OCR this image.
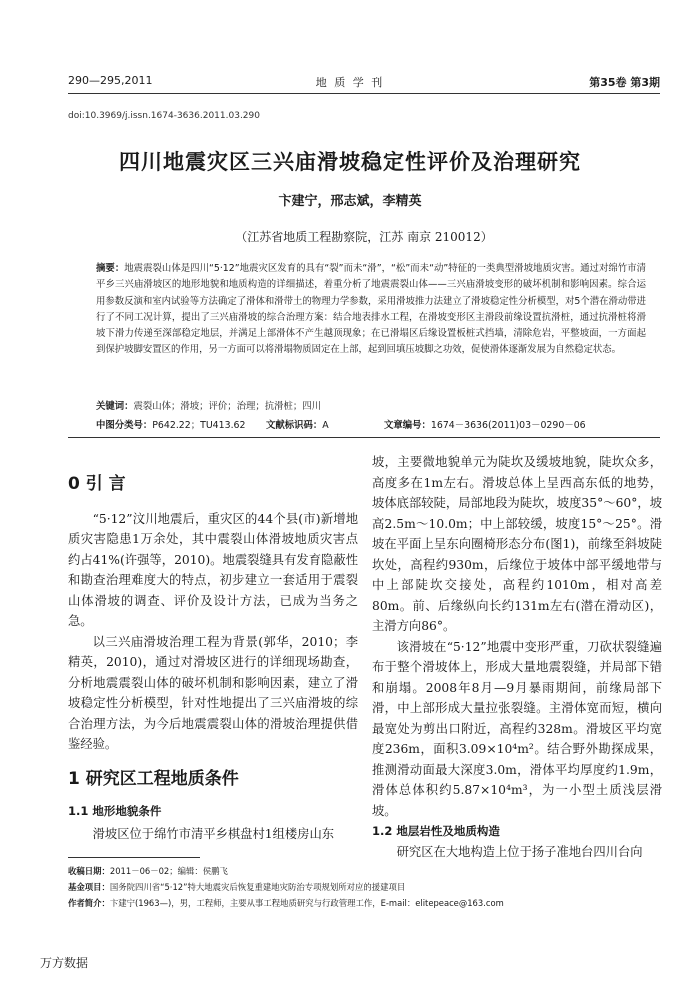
290—295,2011	地 质 学 刊	第35卷 第3期
doi:10.3969/j.issn.1674-3636.2011.03.290
四川地震灾区三兴庙滑坡稳定性评价及治理研究
卞建宁，邢志斌，李精英
（江苏省地质工程勘察院，江苏 南京 210012）
摘要：地震震裂山体是四川“5·12”地震灾区发育的具有“裂”而未“滑”，“松”而未“动”特征的一类典型滑坡地质灾害。通过对绵竹市清平乡三兴庙滑坡区的地形地貌和地质构造的详细描述，着重分析了地震震裂山体——三兴庙滑坡变形的破坏机制和影响因素。综合运用参数反演和室内试验等方法确定了滑体和滑带土的物理力学参数，采用滑坡推力法建立了滑坡稳定性分析模型，对5个潜在滑动带进行了不同工况计算，提出了三兴庙滑坡的综合治理方案：结合地表排水工程，在滑坡变形区主滑段前缘设置抗滑桩，通过抗滑桩将滑坡下滑力传递至深部稳定地层，并满足上部滑体不产生越顶现象；在已滑塌区后缘设置板桩式挡墙，清除危岩，平整坡面，一方面起到保护坡脚安置区的作用，另一方面可以将滑塌物质固定在上部，起到回填压坡脚之功效，促使滑体逐渐发展为自然稳定状态。
关键词：震裂山体；滑坡；评价；治理；抗滑桩；四川
中图分类号：P642.22；TU413.62 文献标识码：A	文章编号：1674－3636(2011)03－0290－06
0 引 言

“5·12”汶川地震后，重灾区的44个县(市)新增地质灾害隐患1万余处，其中震裂山体滑坡地质灾害点约占41%(许强等，2010)。地震裂缝具有发育隐蔽性和勘查治理难度大的特点，初步建立一套适用于震裂山体滑坡的调查、评价及设计方法，已成为当务之急。

以三兴庙滑坡治理工程为背景(郭华，2010；李精英，2010)，通过对滑坡区进行的详细现场勘查，分析地震震裂山体的破坏机制和影响因素，建立了滑坡稳定性分析模型，针对性地提出了三兴庙滑坡的综合治理方法，为今后地震震裂山体的滑坡治理提供借鉴经验。

1 研究区工程地质条件
1.1 地形地貌条件

滑坡区位于绵竹市清平乡棋盘村1组楼房山东

坡，主要微地貌单元为陡坎及缓坡地貌，陡坎众多，高度多在1m左右。滑坡总体上呈西高东低的地势，坡体底部较陡，局部地段为陡坎，坡度35°～60°，坡高2.5m～10.0m；中上部较缓，坡度15°～25°。滑坡在平面上呈东向圈椅形态分布(图1)，前缘至斜坡陡坎处，高程约930m，后缘位于坡体中部平缓地带与中上部陡坎交接处，高程约1010m，相对高差80m。前、后缘纵向长约131m左右(潜在滑动区)，主滑方向86°。

该滑坡在“5·12”地震中变形严重，刀砍状裂缝遍布于整个滑坡体上，形成大量地震裂缝，并局部下错和崩塌。2008年8月—9月暴雨期间，前缘局部下滑，中上部形成大量拉张裂缝。主滑体宽而短，横向最宽处为剪出口附近，高程约328m。滑坡区平均宽度236m，面积3.09×10⁴m²。结合野外勘探成果，推测滑动面最大深度3.0m，滑体平均厚度约1.9m，滑体总体积约5.87×10⁴m³，为一小型土质浅层滑坡。

1.2 地层岩性及地质构造

研究区在大地构造上位于扬子准地台四川台向

收稿日期：2011－06－02；编辑：侯鹏飞
基金项目：国务院四川省“5·12”特大地震灾后恢复重建地灾防治专项规划所对应的援建项目
作者简介：卞建宁(1963—)，男，工程师，主要从事工程地质研究与行政管理工作，E-mail：elitepeace@163.com
万方数据
